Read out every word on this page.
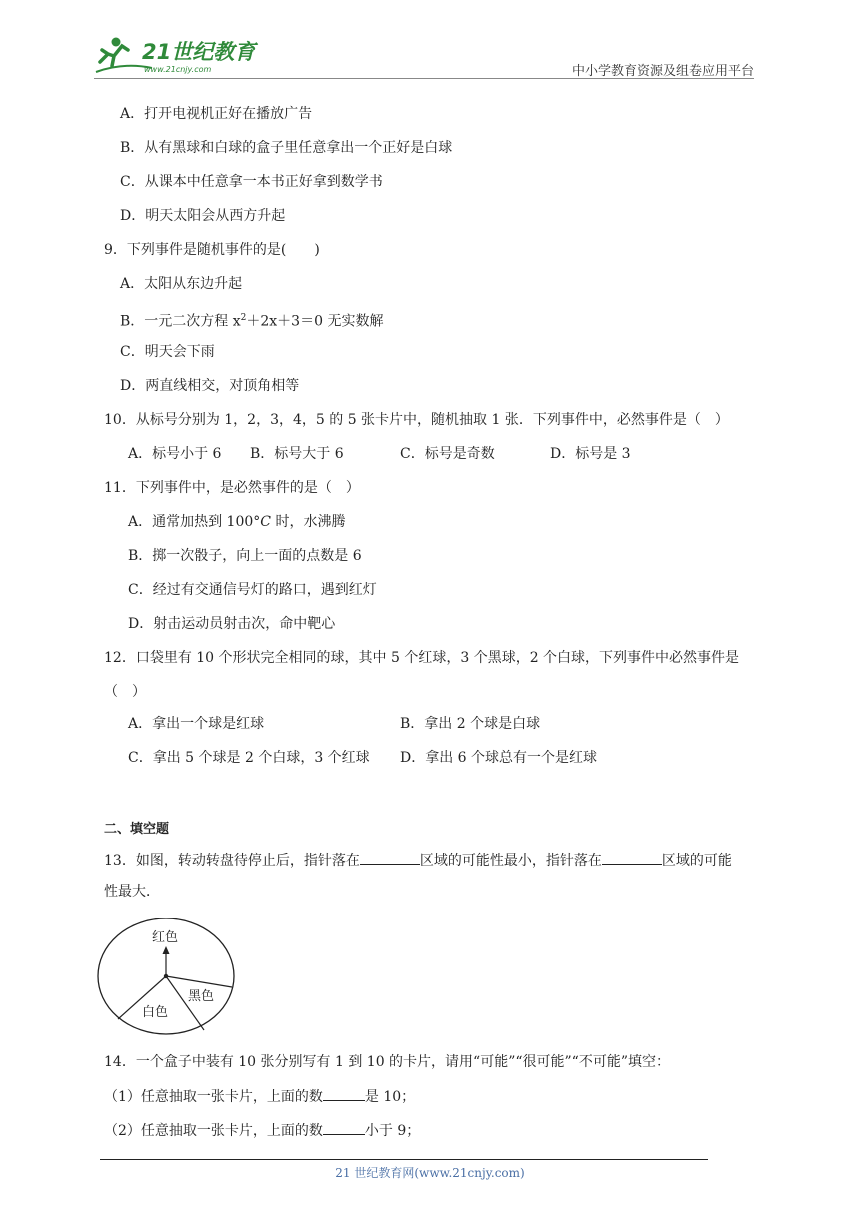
21世纪教育
www.21cnjy.com	中小学教育资源及组卷应用平台
A．打开电视机正好在播放广告
B．从有黑球和白球的盒子里任意拿出一个正好是白球
C．从课本中任意拿一本书正好拿到数学书
D．明天太阳会从西方升起
9．下列事件是随机事件的是(　　)
A．太阳从东边升起
B．一元二次方程 $x^2+2x+3=0$ 无实数解
C．明天会下雨
D．两直线相交，对顶角相等
10．从标号分别为 1，2，3，4，5 的 5 张卡片中，随机抽取 1 张．下列事件中，必然事件是（　）
A．标号小于 6 B．标号大于 6	C．标号是奇数	D．标号是 3
11．下列事件中，是必然事件的是（　）
A．通常加热到 100°C 时，水沸腾
B．掷一次骰子，向上一面的点数是 6
C．经过有交通信号灯的路口，遇到红灯
D．射击运动员射击次，命中靶心
12．口袋里有 10 个形状完全相同的球，其中 5 个红球，3 个黑球，2 个白球，下列事件中必然事件是
（　）
A．拿出一个球是红球	B．拿出 2 个球是白球
C．拿出 5 个球是 2 个白球，3 个红球 D．拿出 6 个球总有一个是红球
二、填空题
13．如图，转动转盘待停止后，指针落在	区域的可能性最小，指针落在	区域的可能
性最大．
红色
黑色
白色
14．一个盒子中装有 10 张分别写有 1 到 10 的卡片，请用“可能”“很可能”“不可能”填空：
（1）任意抽取一张卡片，上面的数	是 10；
（2）任意抽取一张卡片，上面的数	小于 9；
21 世纪教育网(www.21cnjy.com)
